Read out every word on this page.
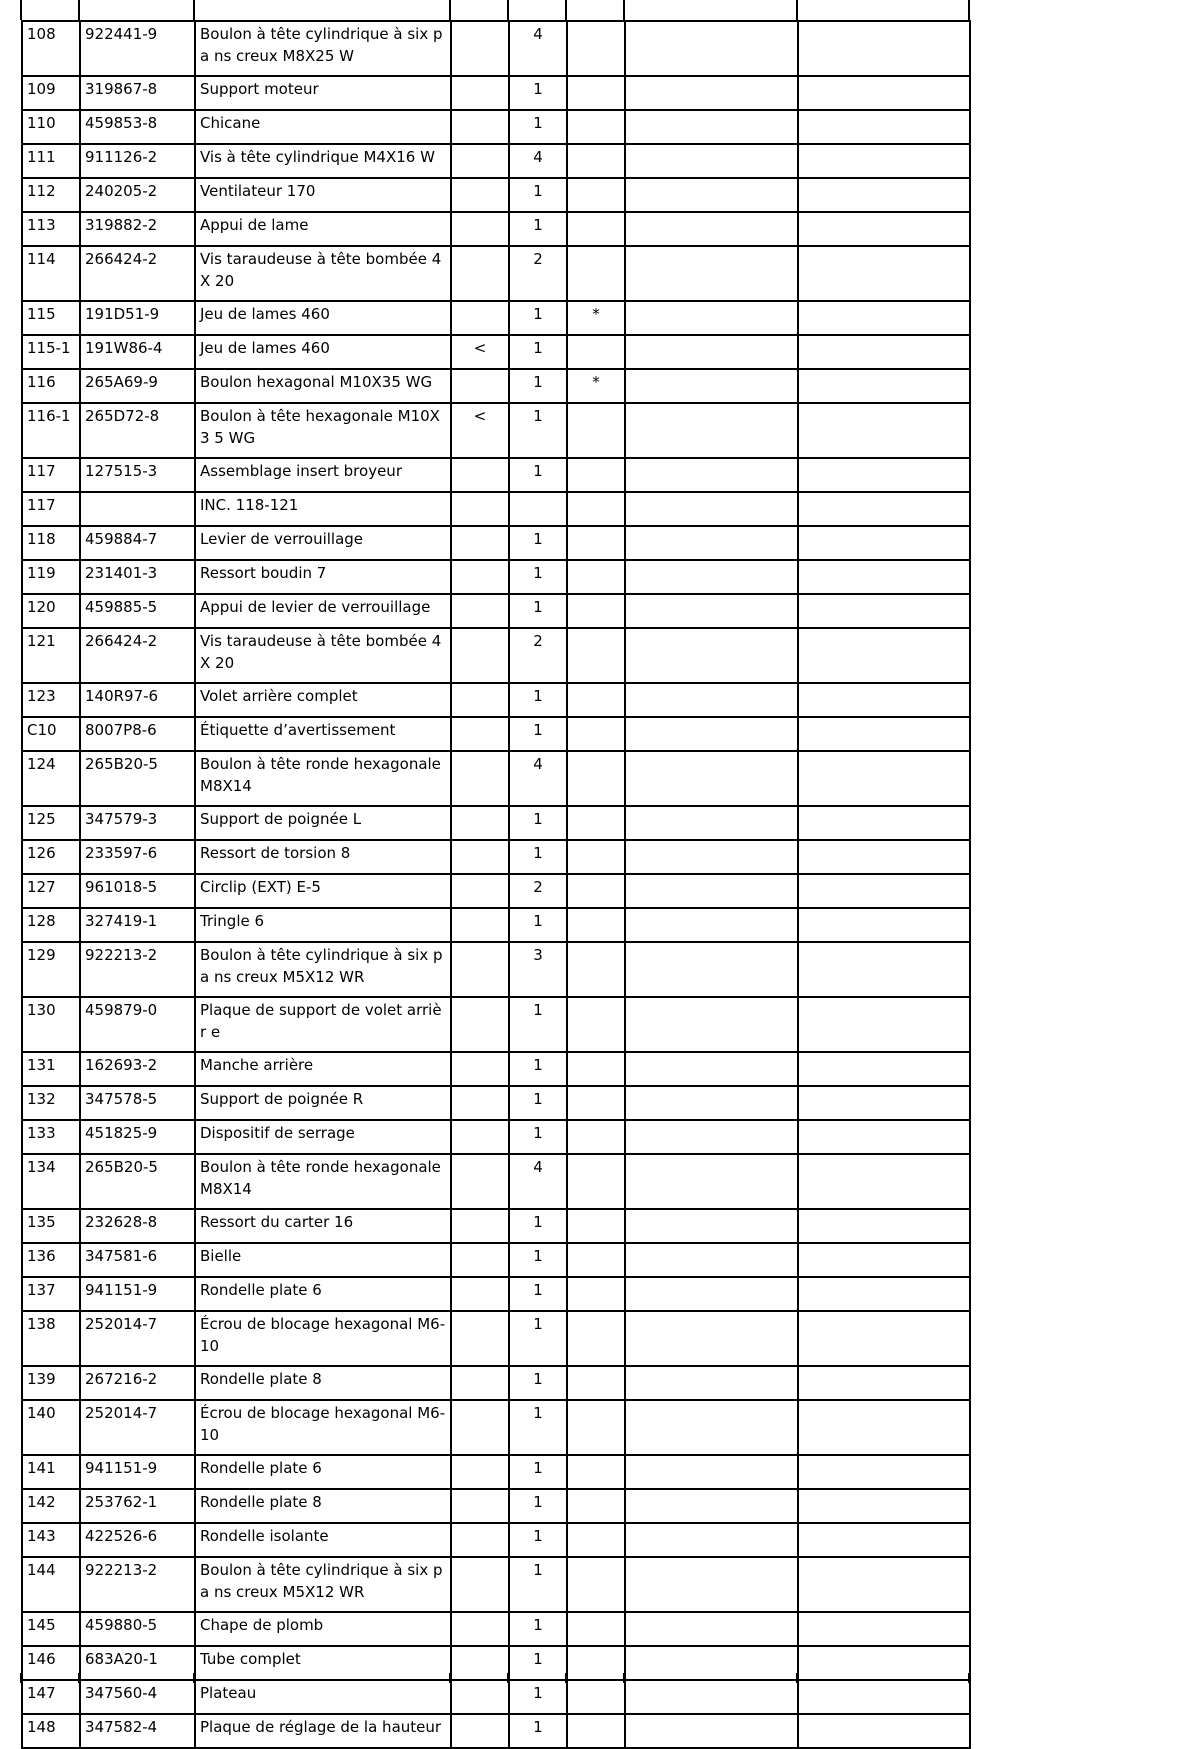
108	922441-9	Boulon à tête cylindrique à six pa ns creux M8X25 W		4			
109	319867-8	Support moteur		1			
110	459853-8	Chicane		1			
111	911126-2	Vis à tête cylindrique M4X16 W		4			
112	240205-2	Ventilateur 170		1			
113	319882-2	Appui de lame		1			
114	266424-2	Vis taraudeuse à tête bombée 4X 20		2			
115	191D51-9	Jeu de lames 460		1	*		
115-1	191W86-4	Jeu de lames 460	<	1			
116	265A69-9	Boulon hexagonal M10X35 WG		1	*		
116-1	265D72-8	Boulon à tête hexagonale M10X3 5 WG	<	1			
117	127515-3	Assemblage insert broyeur		1			
117		INC. 118-121					
118	459884-7	Levier de verrouillage		1			
119	231401-3	Ressort boudin 7		1			
120	459885-5	Appui de levier de verrouillage		1			
121	266424-2	Vis taraudeuse à tête bombée 4X 20		2			
123	140R97-6	Volet arrière complet		1			
C10	8007P8-6	Étiquette d’avertissement		1			
124	265B20-5	Boulon à tête ronde hexagonale M8X14		4			
125	347579-3	Support de poignée L		1			
126	233597-6	Ressort de torsion 8		1			
127	961018-5	Circlip (EXT) E-5		2			
128	327419-1	Tringle 6		1			
129	922213-2	Boulon à tête cylindrique à six pa ns creux M5X12 WR		3			
130	459879-0	Plaque de support de volet arrièr e		1			
131	162693-2	Manche arrière		1			
132	347578-5	Support de poignée R		1			
133	451825-9	Dispositif de serrage		1			
134	265B20-5	Boulon à tête ronde hexagonale M8X14		4			
135	232628-8	Ressort du carter 16		1			
136	347581-6	Bielle		1			
137	941151-9	Rondelle plate 6		1			
138	252014-7	Écrou de blocage hexagonal M6- 10		1			
139	267216-2	Rondelle plate 8		1			
140	252014-7	Écrou de blocage hexagonal M6- 10		1			
141	941151-9	Rondelle plate 6		1			
142	253762-1	Rondelle plate 8		1			
143	422526-6	Rondelle isolante		1			
144	922213-2	Boulon à tête cylindrique à six pa ns creux M5X12 WR		1			
145	459880-5	Chape de plomb		1			
146	683A20-1	Tube complet		1			
147	347560-4	Plateau		1			
148	347582-4	Plaque de réglage de la hauteur		1			
